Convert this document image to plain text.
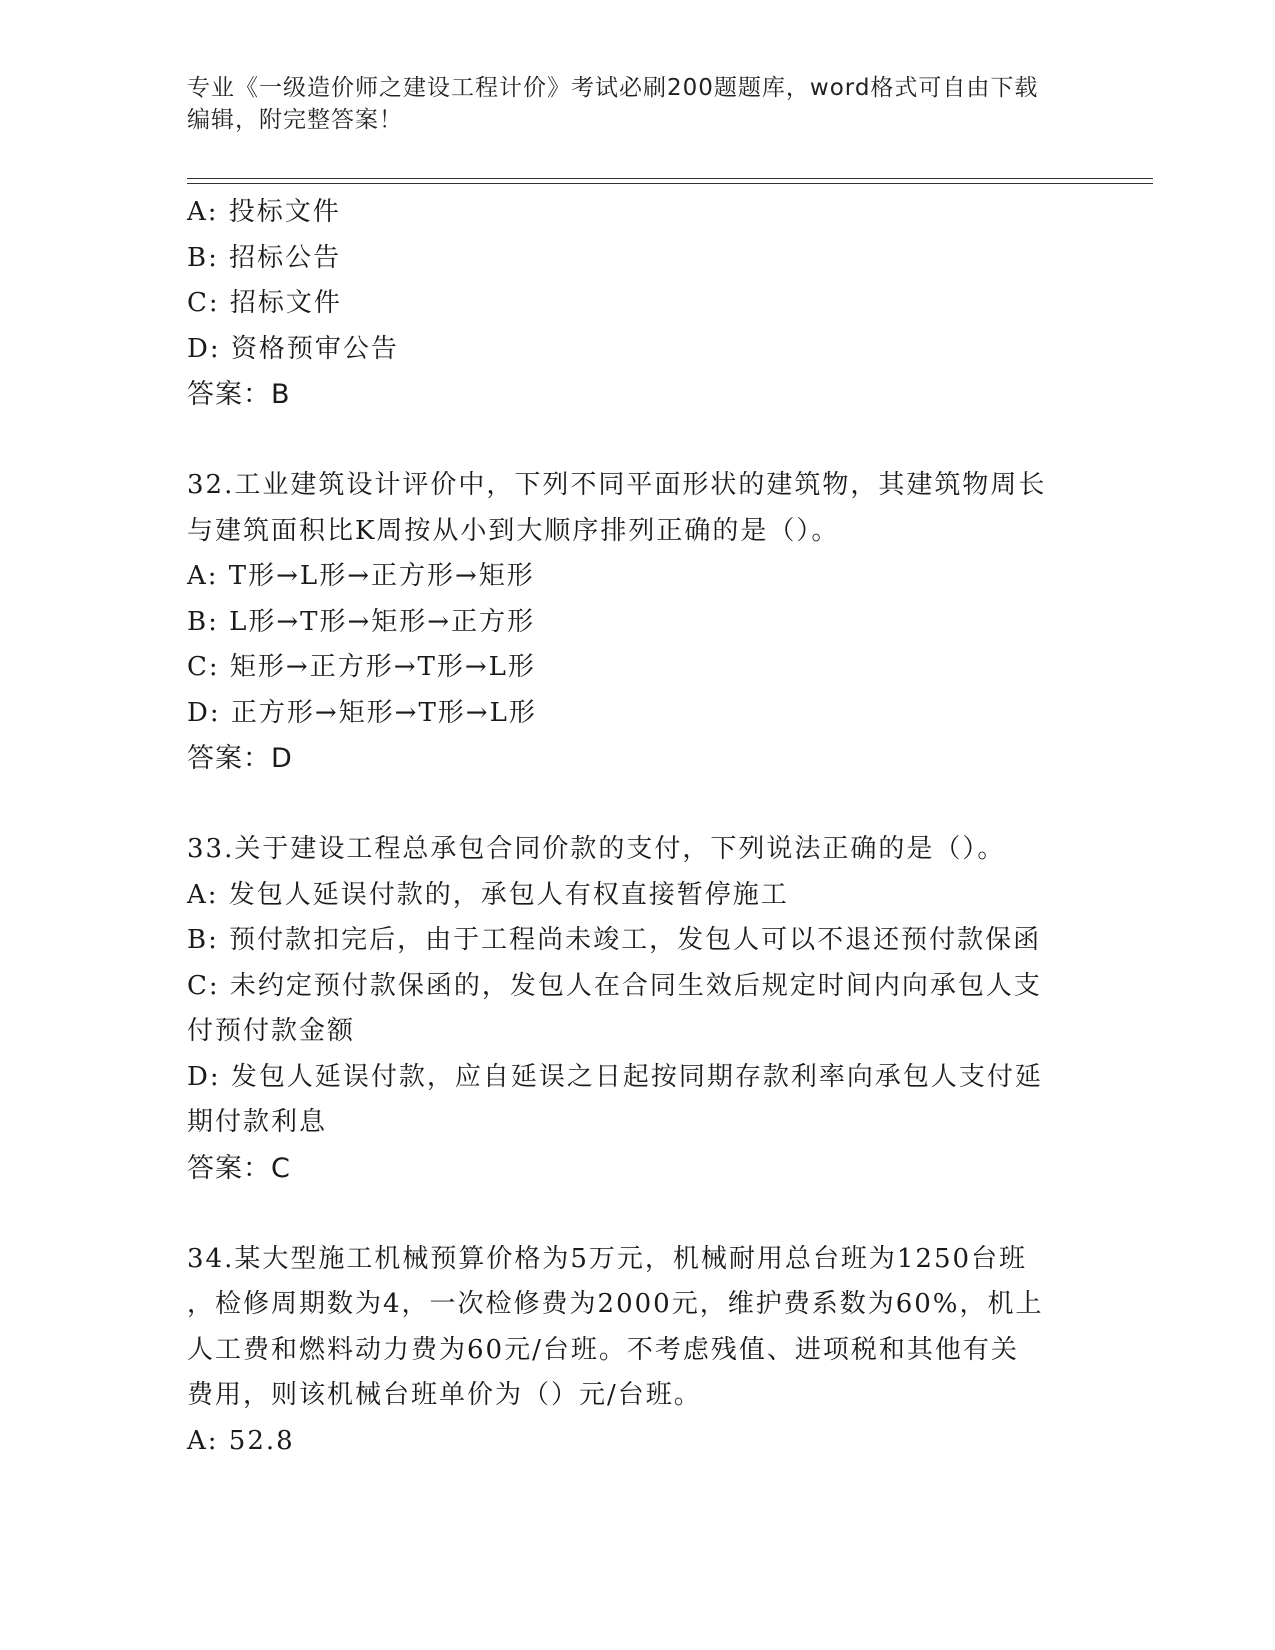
专业《一级造价师之建设工程计价》考试必刷200题题库，word格式可自由下载
编辑，附完整答案！
A: 投标文件
B: 招标公告
C: 招标文件
D: 资格预审公告
答案：B
32.工业建筑设计评价中，下列不同平面形状的建筑物，其建筑物周长
与建筑面积比K周按从小到大顺序排列正确的是（）。
A: T形→L形→正方形→矩形
B: L形→T形→矩形→正方形
C: 矩形→正方形→T形→L形
D: 正方形→矩形→T形→L形
答案：D
33.关于建设工程总承包合同价款的支付，下列说法正确的是（）。
A: 发包人延误付款的，承包人有权直接暂停施工
B: 预付款扣完后，由于工程尚未竣工，发包人可以不退还预付款保函
C: 未约定预付款保函的，发包人在合同生效后规定时间内向承包人支
付预付款金额
D: 发包人延误付款，应自延误之日起按同期存款利率向承包人支付延
期付款利息
答案：C
34.某大型施工机械预算价格为5万元，机械耐用总台班为1250台班
，检修周期数为4，一次检修费为2000元，维护费系数为60%，机上
人工费和燃料动力费为60元/台班。不考虑残值、进项税和其他有关
费用，则该机械台班单价为（）元/台班。
A: 52.8
